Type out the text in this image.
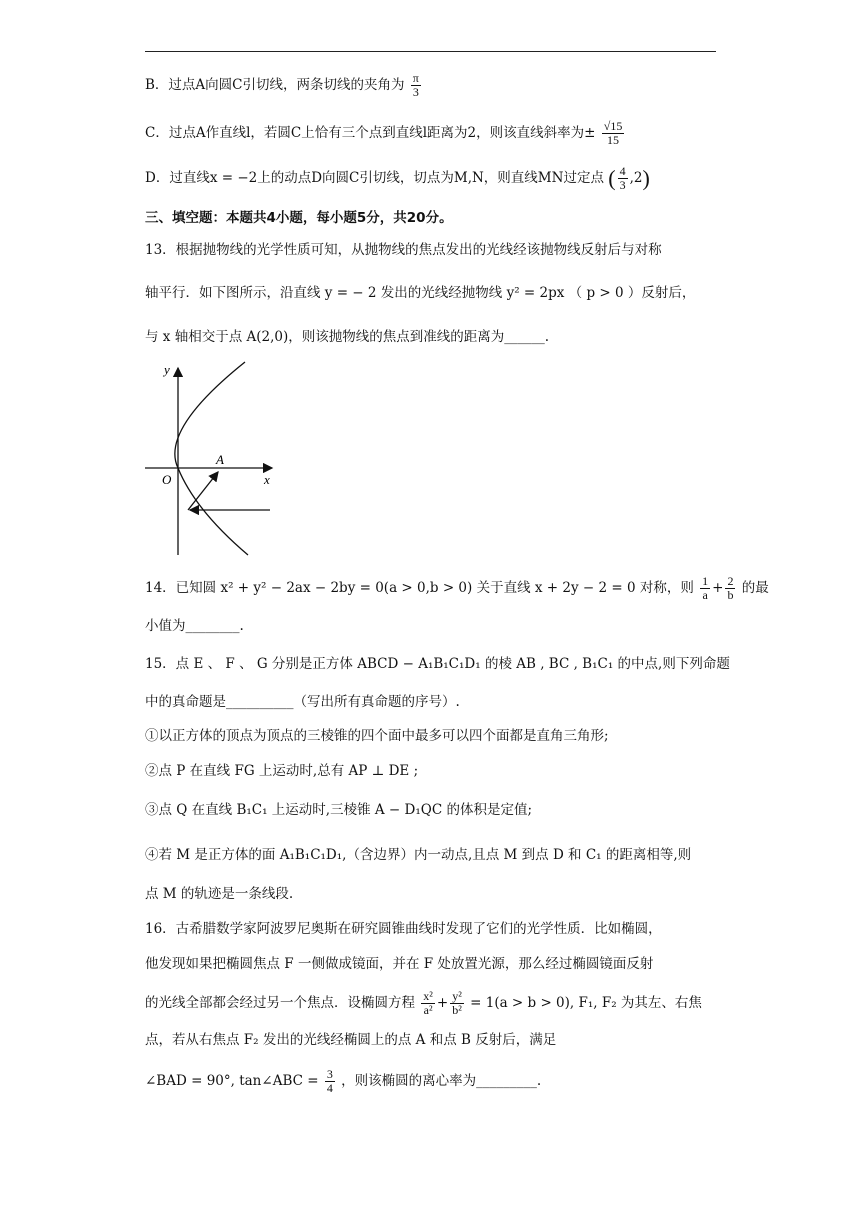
B．过点A向圆C引切线，两条切线的夹角为 $\frac{\pi}{3}$
C．过点A作直线l，若圆C上恰有三个点到直线l距离为2，则该直线斜率为± $\frac{√15}{15}$
D．过直线x = −2上的动点D向圆C引切线，切点为M,N，则直线MN过定点 ( $\frac{4}{3} ,2$)
三、填空题：本题共4小题，每小题5分，共20分。
13．根据抛物线的光学性质可知，从抛物线的焦点发出的光线经该抛物线反射后与对称
轴平行．如下图所示，沿直线 y = − 2 发出的光线经抛物线 y² = 2px （ p > 0 ）反射后，
与 x 轴相交于点 A(2,0)，则该抛物线的焦点到准线的距离为______.
y
x
O
A
14．已知圆 x² + y² − 2ax − 2by = 0(a > 0,b > 0) 关于直线 x + 2y − 2 = 0 对称，则 $\frac{1}{a} + \frac{2}{b}$ 的最
小值为________.
15．点 E 、 F 、 G 分别是正方体 ABCD − A₁B₁C₁D₁ 的棱 AB , BC , B₁C₁ 的中点,则下列命题
中的真命题是__________（写出所有真命题的序号）.
①以正方体的顶点为顶点的三棱锥的四个面中最多可以四个面都是直角三角形;
②点 P 在直线 FG 上运动时,总有 AP ⊥ DE ;
③点 Q 在直线 B₁C₁ 上运动时,三棱锥 A − D₁QC 的体积是定值;
④若 M 是正方体的面 A₁B₁C₁D₁,（含边界）内一动点,且点 M 到点 D 和 C₁ 的距离相等,则
点 M 的轨迹是一条线段.
16．古希腊数学家阿波罗尼奥斯在研究圆锥曲线时发现了它们的光学性质．比如椭圆，
他发现如果把椭圆焦点 F 一侧做成镜面，并在 F 处放置光源，那么经过椭圆镜面反射
的光线全部都会经过另一个焦点．设椭圆方程 $\frac{\text{x²}}{\text{a²}} + \frac{\text{y²}}{\text{b²}} = 1(a > b > 0)$, F₁, F₂ 为其左、右焦
点，若从右焦点 F₂ 发出的光线经椭圆上的点 A 和点 B 反射后，满足
∠BAD = 90°, tan∠ABC = $\frac{3}{4}$ ，则该椭圆的离心率为_________.
